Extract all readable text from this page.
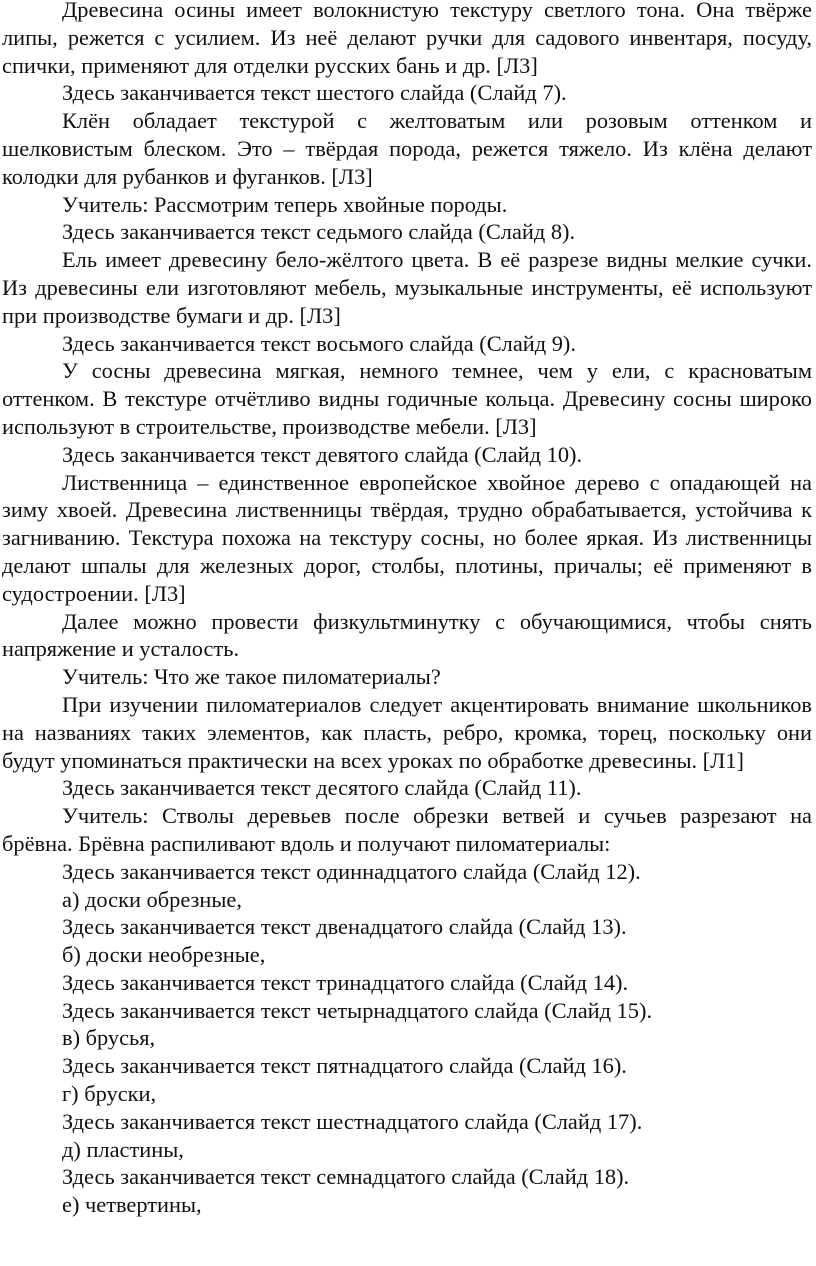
Древесина осины имеет волокнистую текстуру светлого тона. Она твёрже липы, режется с усилием. Из неё делают ручки для садового инвентаря, посуду, спички, применяют для отделки русских бань и др. [Л3]

Здесь заканчивается текст шестого слайда (Слайд 7).

Клён обладает текстурой с желтоватым или розовым оттенком и шелковистым блеском. Это – твёрдая порода, режется тяжело. Из клёна делают колодки для рубанков и фуганков. [Л3]

Учитель: Рассмотрим теперь хвойные породы.

Здесь заканчивается текст седьмого слайда (Слайд 8).

Ель имеет древесину бело-жёлтого цвета. В её разрезе видны мелкие сучки. Из древесины ели изготовляют мебель, музыкальные инструменты, её используют при производстве бумаги и др. [Л3]

Здесь заканчивается текст восьмого слайда (Слайд 9).

У сосны древесина мягкая, немного темнее, чем у ели, с красноватым оттенком. В текстуре отчётливо видны годичные кольца. Древесину сосны широко используют в строительстве, производстве мебели. [Л3]

Здесь заканчивается текст девятого слайда (Слайд 10).

Лиственница – единственное европейское хвойное дерево с опадающей на зиму хвоей. Древесина лиственницы твёрдая, трудно обрабатывается, устойчива к загниванию. Текстура похожа на текстуру сосны, но более яркая. Из лиственницы делают шпалы для железных дорог, столбы, плотины, причалы; её применяют в судостроении. [Л3]

Далее можно провести физкультминутку с обучающимися, чтобы снять напряжение и усталость.

Учитель: Что же такое пиломатериалы?

При изучении пиломатериалов следует акцентировать внимание школьников на названиях таких элементов, как пласть, ребро, кромка, торец, поскольку они будут упоминаться практически на всех уроках по обработке древесины. [Л1]

Здесь заканчивается текст десятого слайда (Слайд 11).

Учитель: Стволы деревьев после обрезки ветвей и сучьев разрезают на брёвна. Брёвна распиливают вдоль и получают пиломатериалы:

Здесь заканчивается текст одиннадцатого слайда (Слайд 12).

а) доски обрезные,

Здесь заканчивается текст двенадцатого слайда (Слайд 13).

б) доски необрезные,

Здесь заканчивается текст тринадцатого слайда (Слайд 14).

Здесь заканчивается текст четырнадцатого слайда (Слайд 15).

в) брусья,

Здесь заканчивается текст пятнадцатого слайда (Слайд 16).

г) бруски,

Здесь заканчивается текст шестнадцатого слайда (Слайд 17).

д) пластины,

Здесь заканчивается текст семнадцатого слайда (Слайд 18).

е) четвертины,
